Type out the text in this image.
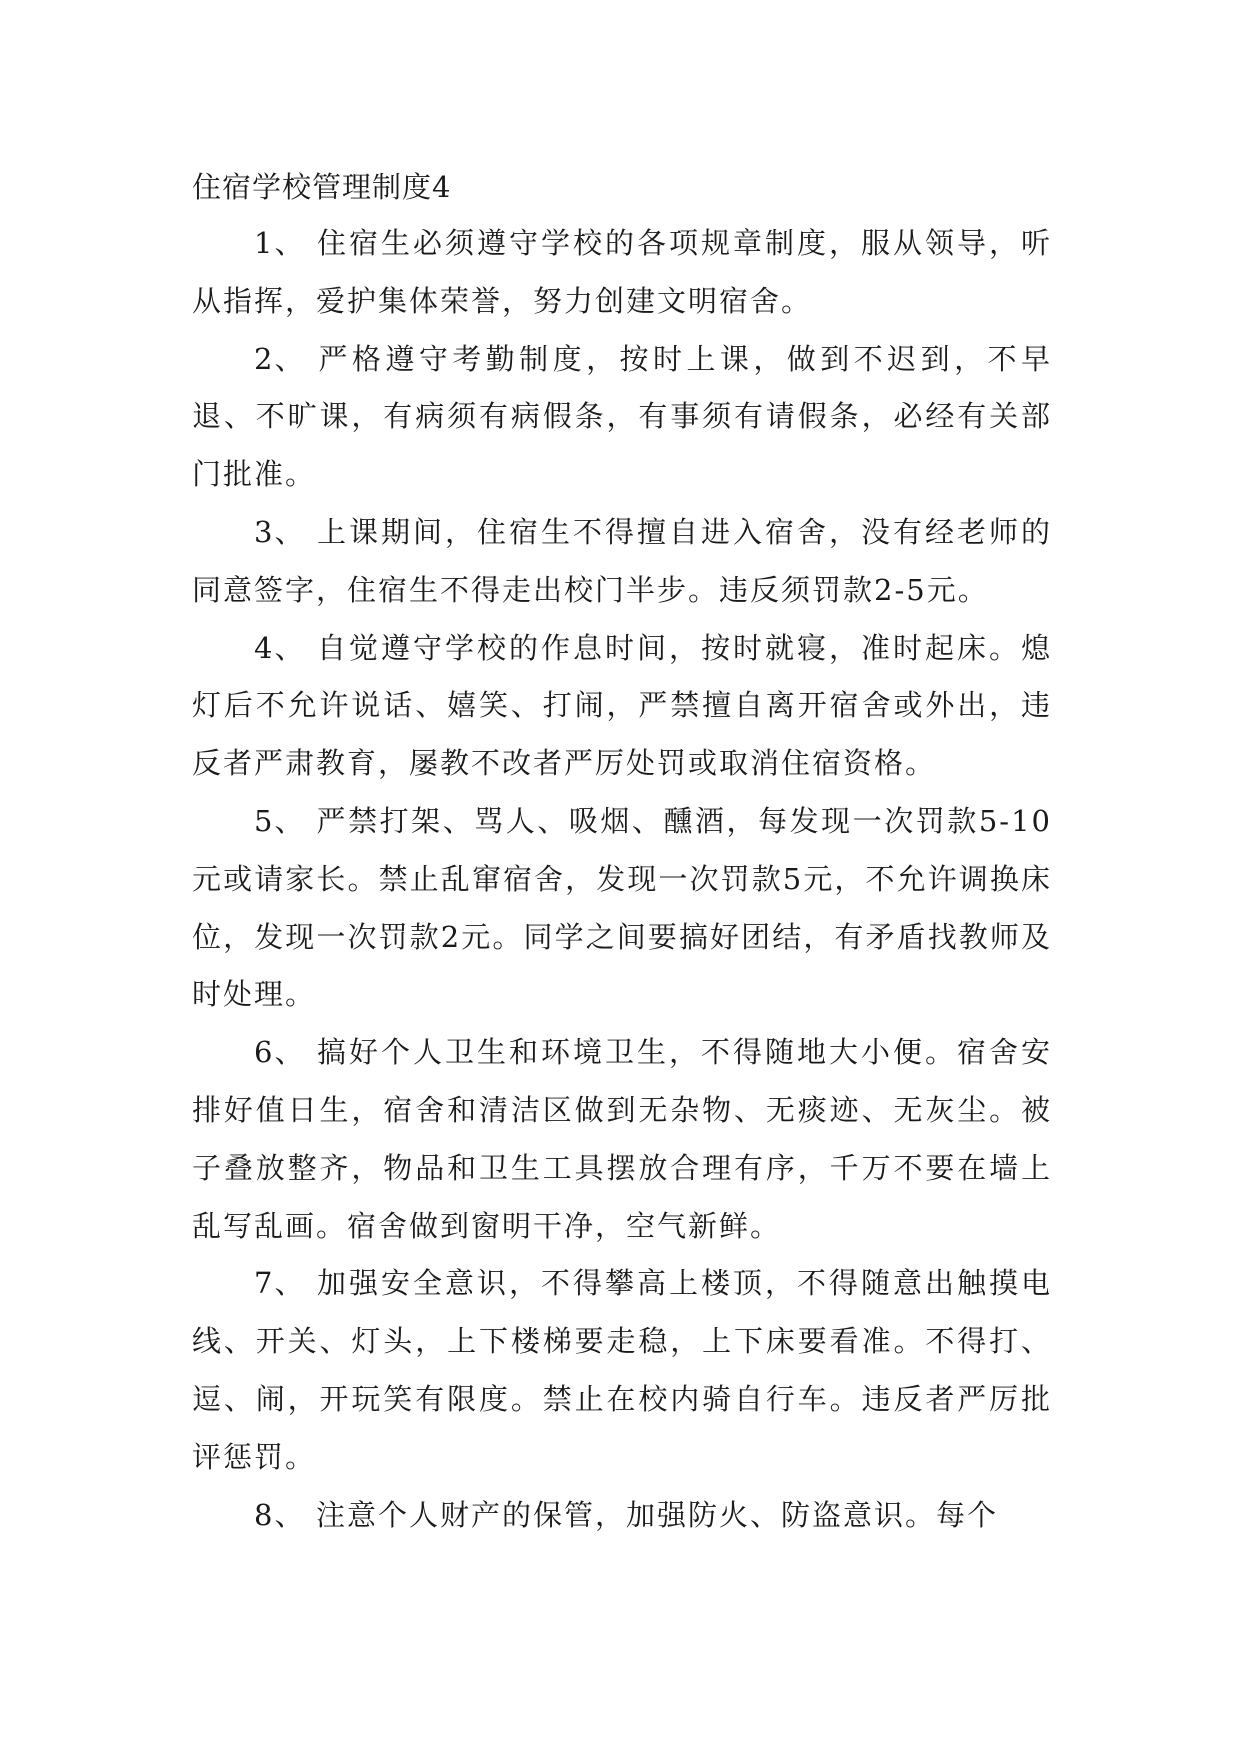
住宿学校管理制度4

1、 住宿生必须遵守学校的各项规章制度，服从领导，听从指挥，爱护集体荣誉，努力创建文明宿舍。

2、 严格遵守考勤制度，按时上课，做到不迟到，不早退、不旷课，有病须有病假条，有事须有请假条，必经有关部门批准。

3、 上课期间，住宿生不得擅自进入宿舍，没有经老师的同意签字，住宿生不得走出校门半步。违反须罚款2-5元。

4、 自觉遵守学校的作息时间，按时就寝，准时起床。熄灯后不允许说话、嬉笑、打闹，严禁擅自离开宿舍或外出，违反者严肃教育，屡教不改者严厉处罚或取消住宿资格。

5、 严禁打架、骂人、吸烟、醺酒，每发现一次罚款5-10元或请家长。禁止乱窜宿舍，发现一次罚款5元，不允许调换床位，发现一次罚款2元。同学之间要搞好团结，有矛盾找教师及时处理。

6、 搞好个人卫生和环境卫生，不得随地大小便。宿舍安排好值日生，宿舍和清洁区做到无杂物、无痰迹、无灰尘。被子叠放整齐，物品和卫生工具摆放合理有序，千万不要在墙上乱写乱画。宿舍做到窗明干净，空气新鲜。

7、 加强安全意识，不得攀高上楼顶，不得随意出触摸电线、开关、灯头，上下楼梯要走稳，上下床要看准。不得打、逗、闹，开玩笑有限度。禁止在校内骑自行车。违反者严厉批评惩罚。

8、 注意个人财产的保管，加强防火、防盗意识。每个
